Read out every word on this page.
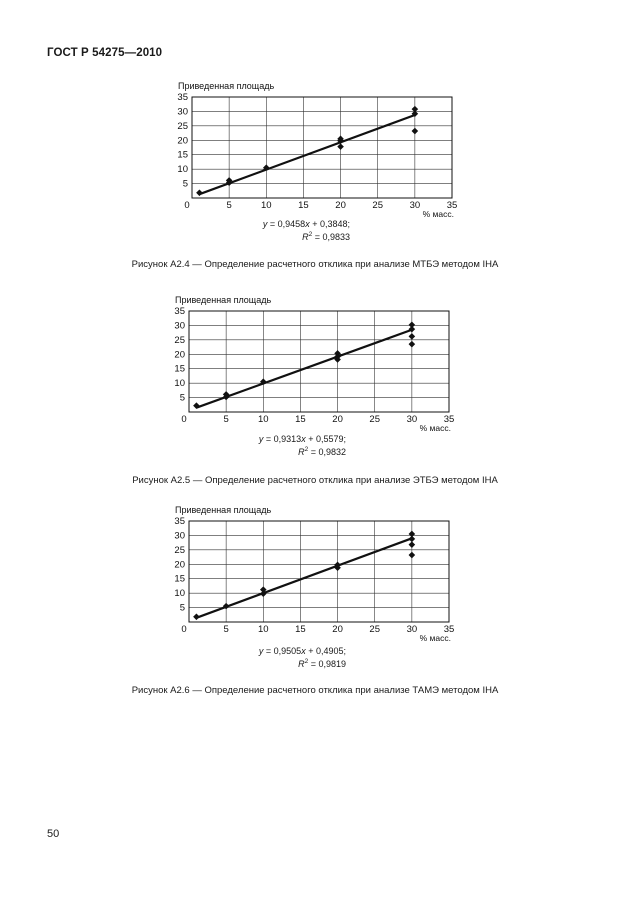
ГОСТ Р 54275—2010
5
10
15
20
25
30
35
0	5	10	15	20	25	30	35
Приведенная площадь
% масс.
y = 0,9458x + 0,3848;
$R^2 = 0,9833$
Рисунок А2.4 — Определение расчетного отклика при анализе МТБЭ методом IHA
5
10
15
20
25
30
35
0	5	10	15	20	25	30	35
Приведенная площадь
% масс.
y = 0,9313x + 0,5579;
$R^2 = 0,9832$
Рисунок А2.5 — Определение расчетного отклика при анализе ЭТБЭ методом IHA
5
10
15
20
25
30
35
0	5	10	15	20	25	30	35
Приведенная площадь
% масс.
y = 0,9505x + 0,4905;
$R^2 = 0,9819$
Рисунок А2.6 — Определение расчетного отклика при анализе ТАМЭ методом IHA
50
